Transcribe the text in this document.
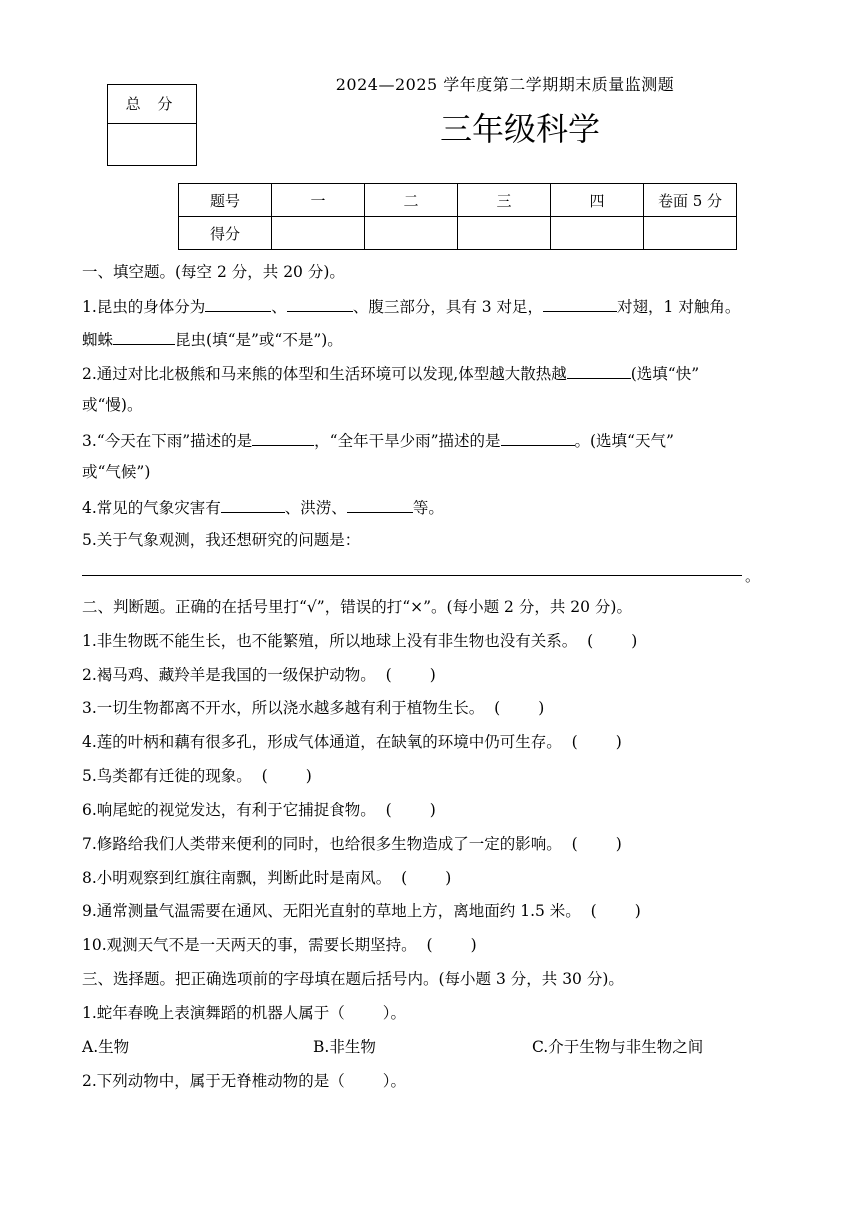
总 分
2024—2025 学年度第二学期期末质量监测题
三年级科学
题号	一	二	三	四	卷面 5 分
得分					
一、填空题。(每空 2 分，共 20 分)。
1.昆虫的身体分为	、	、腹三部分，具有 3 对足，	对翅，1 对触角。
蜘蛛	昆虫(填“是”或“不是”)。
2.通过对比北极熊和马来熊的体型和生活环境可以发现,体型越大散热越	(选填“快”
或“慢)。
3.“今天在下雨”描述的是	，“全年干旱少雨”描述的是	。(选填“天气”
或“气候”)
4.常见的气象灾害有	、洪涝、	等。
5.关于气象观测，我还想研究的问题是：
。
二、判断题。正确的在括号里打“√”，错误的打“×”。(每小题 2 分，共 20 分)。
1.非生物既不能生长，也不能繁殖，所以地球上没有非生物也没有关系。 ( )
2.褐马鸡、藏羚羊是我国的一级保护动物。 ( )
3.一切生物都离不开水，所以浇水越多越有利于植物生长。 ( )
4.莲的叶柄和藕有很多孔，形成气体通道，在缺氧的环境中仍可生存。 ( )
5.鸟类都有迁徙的现象。 ( )
6.响尾蛇的视觉发达，有利于它捕捉食物。 ( )
7.修路给我们人类带来便利的同时，也给很多生物造成了一定的影响。 ( )
8.小明观察到红旗往南飘，判断此时是南风。 ( )
9.通常测量气温需要在通风、无阳光直射的草地上方，离地面约 1.5 米。 ( )
10.观测天气不是一天两天的事，需要长期坚持。 ( )
三、选择题。把正确选项前的字母填在题后括号内。(每小题 3 分，共 30 分)。
1.蛇年春晚上表演舞蹈的机器人属于（ ）。
A.生物	B.非生物	C.介于生物与非生物之间
2.下列动物中，属于无脊椎动物的是（ ）。
